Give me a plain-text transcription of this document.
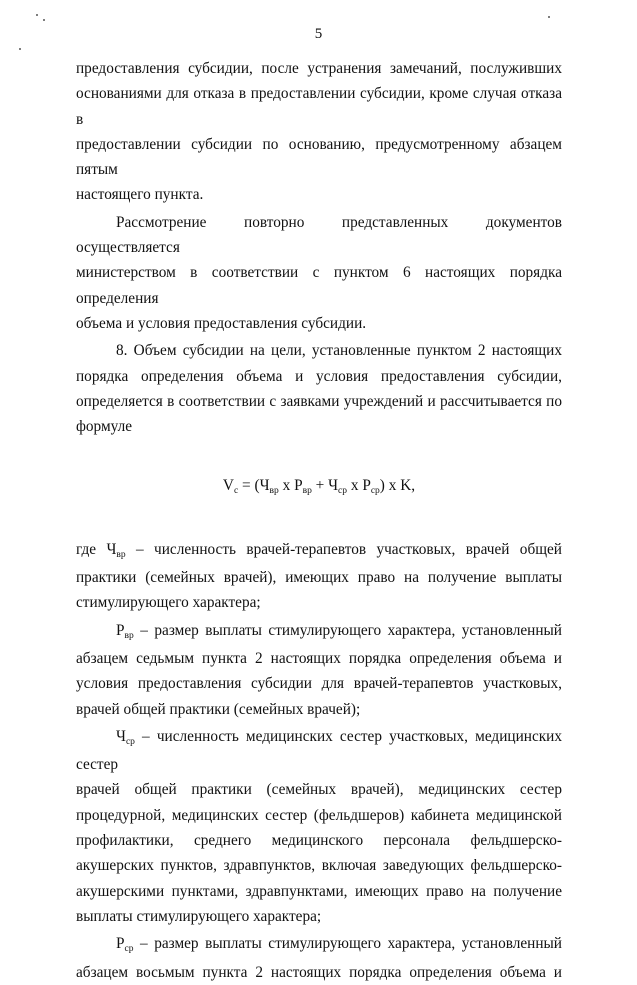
5
предоставления субсидии, после устранения замечаний, послуживших
основаниями для отказа в предоставлении субсидии, кроме случая отказа в
предоставлении субсидии по основанию, предусмотренному абзацем пятым
настоящего пункта.
Рассмотрение повторно представленных документов осуществляется
министерством в соответствии с пунктом 6 настоящих порядка определения
объема и условия предоставления субсидии.
8. Объем субсидии на цели, установленные пунктом 2 настоящих
порядка определения объема и условия предоставления субсидии,
определяется в соответствии с заявками учреждений и рассчитывается по
формуле
Vc = (Чвр x Рвр + Чср x Рср) x K,
где Чвр – численность врачей-терапевтов участковых, врачей общей
практики (семейных врачей), имеющих право на получение выплаты
стимулирующего характера;
Рвр – размер выплаты стимулирующего характера, установленный
абзацем седьмым пункта 2 настоящих порядка определения объема и
условия предоставления субсидии для врачей-терапевтов участковых,
врачей общей практики (семейных врачей);
Чср – численность медицинских сестер участковых, медицинских сестер
врачей общей практики (семейных врачей), медицинских сестер
процедурной, медицинских сестер (фельдшеров) кабинета медицинской
профилактики, среднего медицинского персонала фельдшерско-
акушерских пунктов, здравпунктов, включая заведующих фельдшерско-
акушерскими пунктами, здравпунктами, имеющих право на получение
выплаты стимулирующего характера;
Рср – размер выплаты стимулирующего характера, установленный
абзацем восьмым пункта 2 настоящих порядка определения объема и
